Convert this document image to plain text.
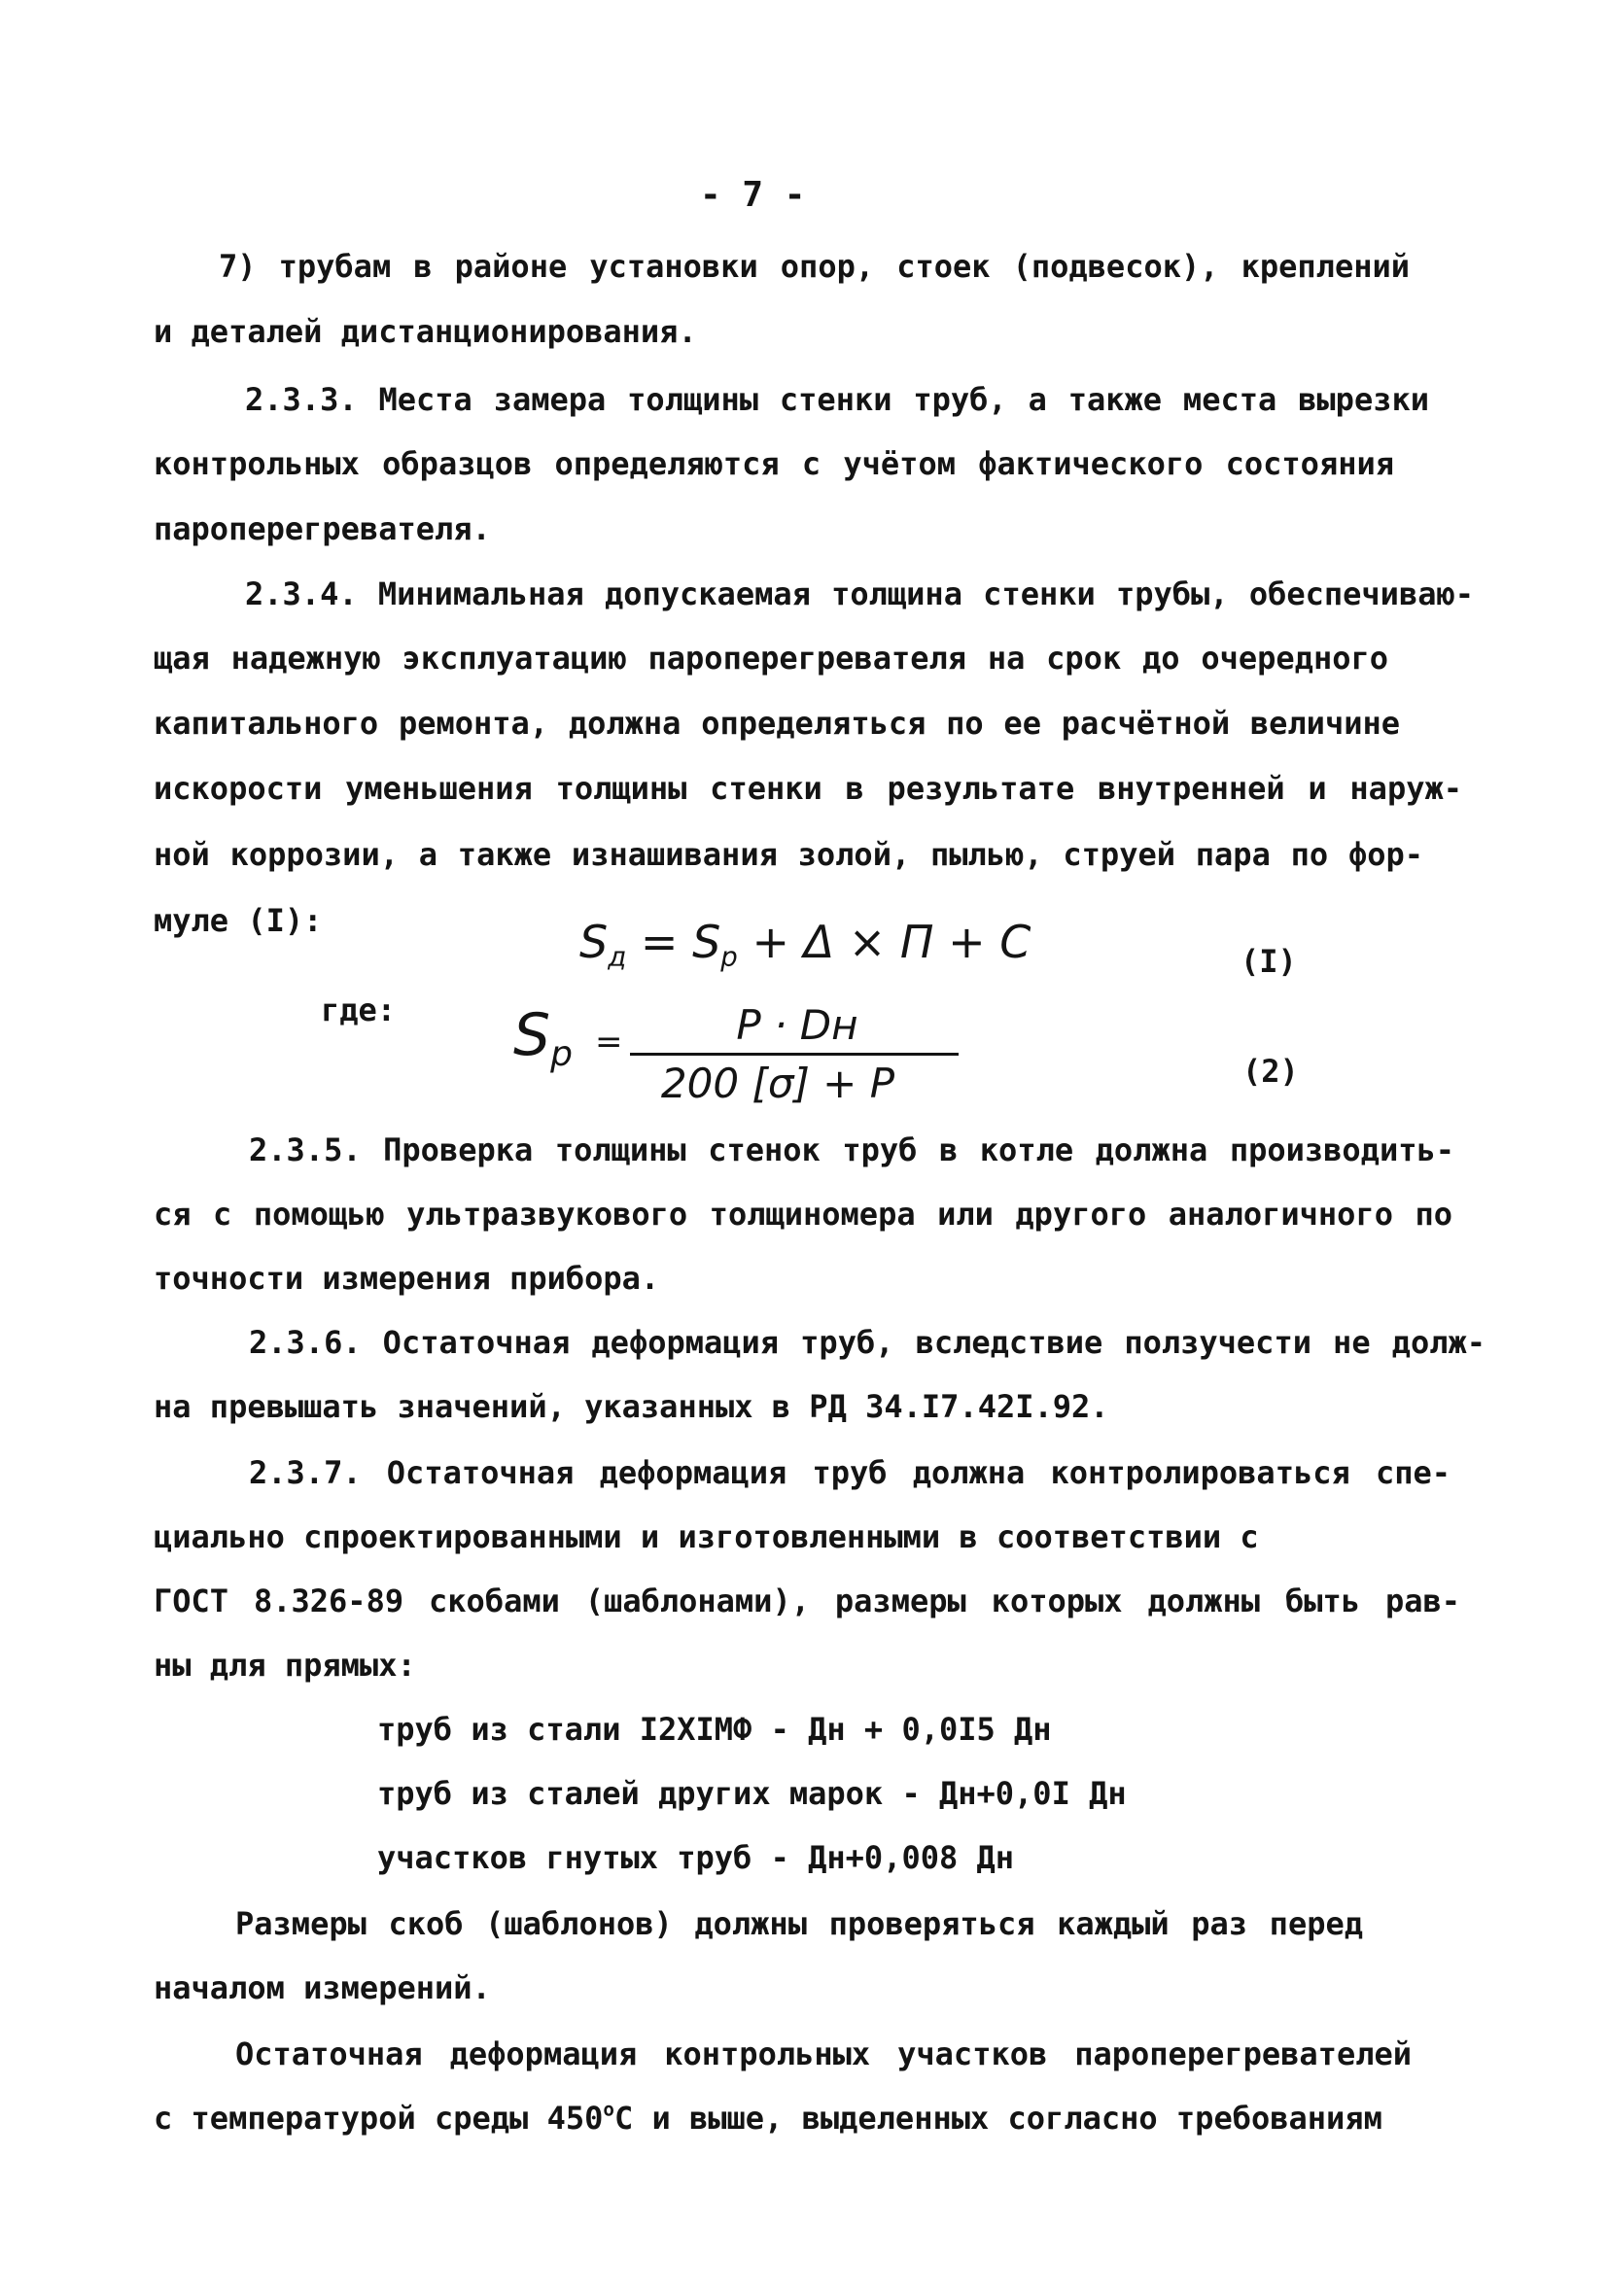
- 7 -
7) трубам в районе установки опор, стоек (подвесок), креплений
и деталей дистанционирования.
2.3.3. Места замера толщины стенки труб, а также места вырезки
контрольных образцов определяются с учётом фактического состояния
пароперегревателя.
2.3.4. Минимальная допускаемая толщина стенки трубы, обеспечиваю-
щая надежную эксплуатацию пароперегревателя на срок до очередного
капитального ремонта, должна определяться по ее расчётной величине
искорости уменьшения толщины стенки в результате внутренней и наруж-
ной коррозии, а также изнашивания золой, пылью, струей пара по фор-
муле (I):	$S_д = S_р + \Delta \times П + С$	(I)
где: $S_р$ =	Р · Dн
200 [σ] + Р	(2)
2.3.5. Проверка толщины стенок труб в котле должна производить-
ся с помощью ультразвукового толщиномера или другого аналогичного по
точности измерения прибора.
2.3.6. Остаточная деформация труб, вследствие ползучести не долж-
на превышать значений, указанных в РД 34.I7.42I.92.
2.3.7. Остаточная деформация труб должна контролироваться спе-
циально спроектированными и изготовленными в соответствии с
ГОСТ 8.326-89 скобами (шаблонами), размеры которых должны быть рав-
ны для прямых:
труб из стали I2ХIМФ - Дн + 0,0I5 Дн
труб из сталей других марок - Дн+0,0I Дн
участков гнутых труб - Дн+0,008 Дн
Размеры скоб (шаблонов) должны проверяться каждый раз перед
началом измерений.
Остаточная деформация контрольных участков пароперегревателей
с температурой среды $450^оС$ и выше, выделенных согласно требованиям
